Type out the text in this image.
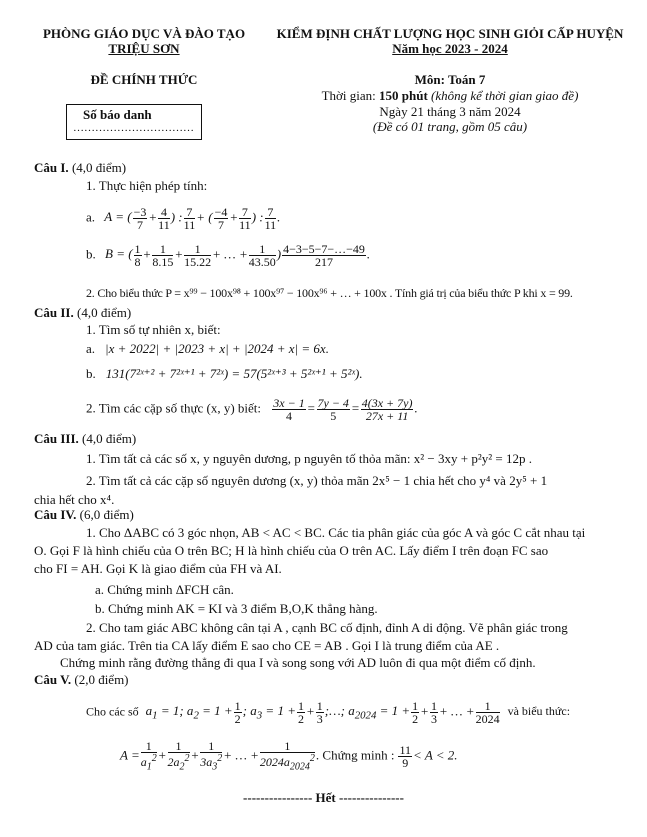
PHÒNG GIÁO DỤC VÀ ĐÀO TẠO
TRIỆU SƠN
KIỂM ĐỊNH CHẤT LƯỢNG HỌC SINH GIỎI CẤP HUYỆN
Năm học 2023 - 2024
ĐỀ CHÍNH THỨC
Số báo danh
……………………………
Môn: Toán 7
Thời gian: 150 phút (không kể thời gian giao đề)
Ngày 21 tháng 3 năm 2024
(Đề có 01 trang, gồm 05 câu)
Câu I. (4,0 điểm)
1. Thực hiện phép tính:
a. A = ( $\frac{-3}{7} + \frac{4}{11}$ ) : $\frac{7}{11}$ + ( $\frac{-4}{7} + \frac{7}{11}$ ) : $\frac{7}{11}$ .
b. B = ( $\frac{1}{8} + \frac{1}{8.15} + \frac{1}{15.22}$ + … + $\frac{1}{43.50}$ ) $\frac{4-3-5-7-\dots-49}{217}$ .
2. Cho biểu thức P = x⁹⁹ − 100x⁹⁸ + 100x⁹⁷ − 100x⁹⁶ + … + 100x . Tính giá trị của biểu thức P khi x = 99.
Câu II. (4,0 điểm)
1. Tìm số tự nhiên x, biết:
a. |x + 2022| + |2023 + x| + |2024 + x| = 6x.
b. 131(7²ˣ⁺² + 7²ˣ⁺¹ + 7²ˣ) = 57(5²ˣ⁺³ + 5²ˣ⁺¹ + 5²ˣ).
2. Tìm các cặp số thực (x, y) biết: $\frac{3x - 1}{4} = \frac{7y - 4}{5} = \frac{4(3x + 7y)}{27x + 11}$ .
Câu III. (4,0 điểm)
1. Tìm tất cả các số x, y nguyên dương, p nguyên tố thỏa mãn: x² − 3xy + p²y² = 12p .
2. Tìm tất cả các cặp số nguyên dương (x, y) thỏa mãn 2x⁵ − 1 chia hết cho y⁴ và 2y⁵ + 1
chia hết cho x⁴.
Câu IV. (6,0 điểm)
1. Cho ΔABC có 3 góc nhọn, AB < AC < BC. Các tia phân giác của góc A và góc C cắt nhau tại
O. Gọi F là hình chiếu của O trên BC; H là hình chiếu của O trên AC. Lấy điểm I trên đoạn FC sao
cho FI = AH. Gọi K là giao điểm của FH và AI.
a. Chứng minh ΔFCH cân.
b. Chứng minh AK = KI và 3 điểm B,O,K thẳng hàng.
2. Cho tam giác ABC không cân tại A , cạnh BC cố định, đỉnh A di động. Vẽ phân giác trong
AD của tam giác. Trên tia CA lấy điểm E sao cho CE = AB . Gọi I là trung điểm của AE .
Chứng minh rằng đường thẳng đi qua I và song song với AD luôn đi qua một điểm cố định.
Câu V. (2,0 điểm)
Cho các số $a_1 = 1$; $a_2 = 1 + \frac{1}{2}$ ; $a_3 = 1 + \frac{1}{2} + \frac{1}{3}$ ;…; $a_{2024} = 1 + \frac{1}{2} + \frac{1}{3}$ + … + $\frac{1}{2024}$ và biểu thức:
$A = \frac{1}{a_1^2} + \frac{1}{2a_2^2} + \frac{1}{3a_3^2}$ + … + $\frac{1}{2024a_{2024}^2}$ . Chứng minh : $\frac{11}{9} < A < 2$.
---------------- Hết ---------------
